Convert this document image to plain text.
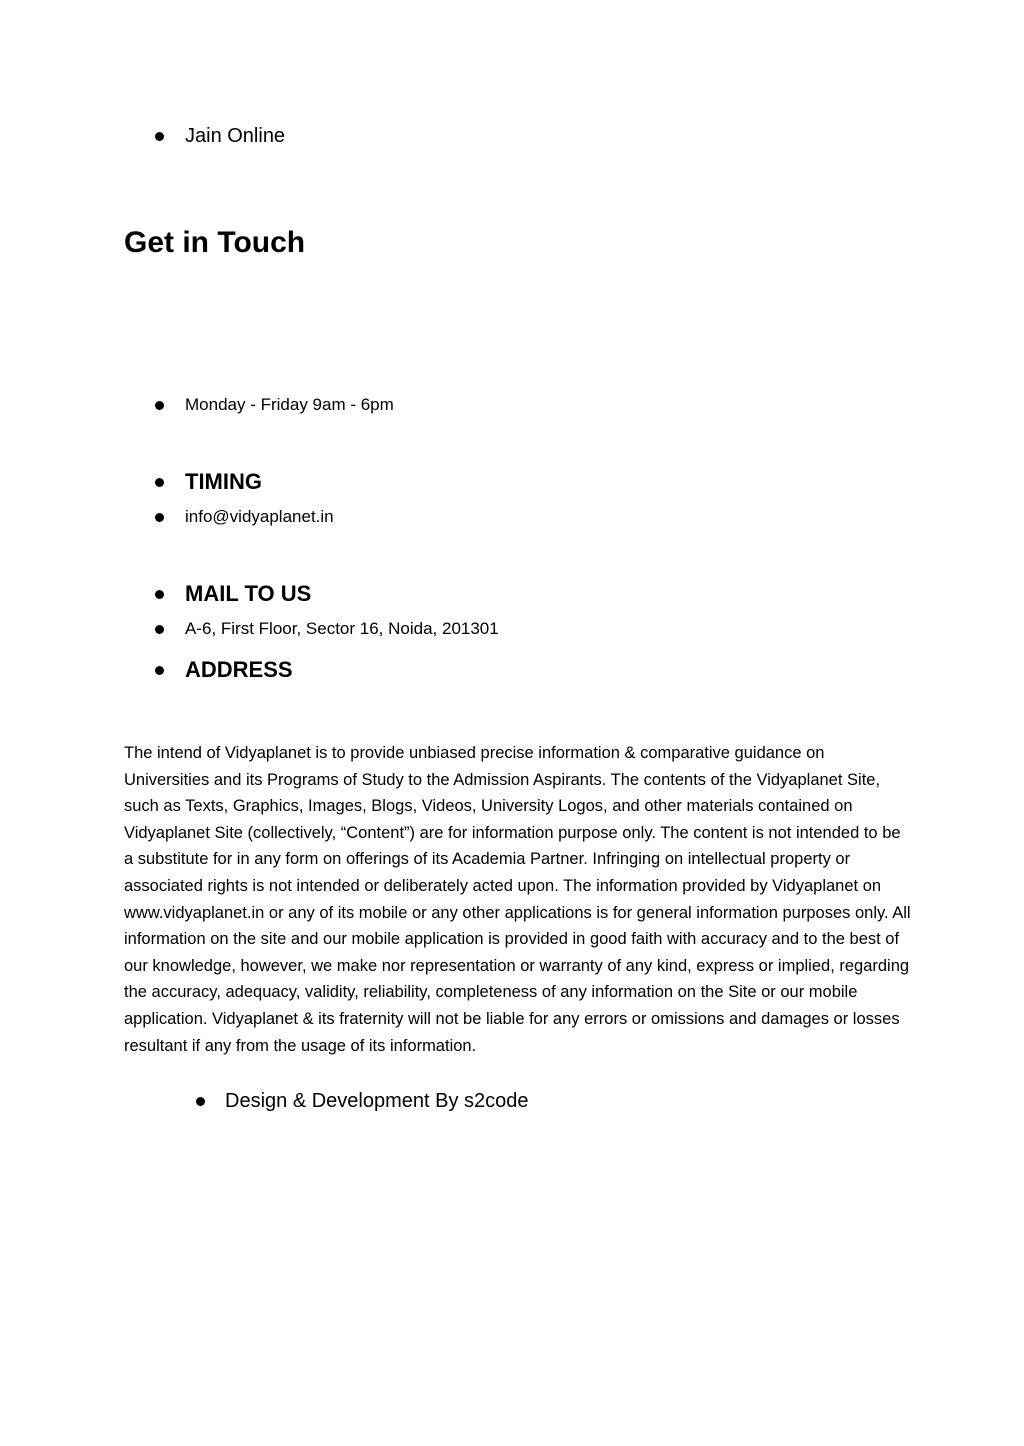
Jain Online
Get in Touch
Monday - Friday 9am - 6pm
TIMING
info@vidyaplanet.in
MAIL TO US
A-6, First Floor, Sector 16, Noida, 201301
ADDRESS

The intend of Vidyaplanet is to provide unbiased precise information & comparative guidance on Universities and its Programs of Study to the Admission Aspirants. The contents of the Vidyaplanet Site, such as Texts, Graphics, Images, Blogs, Videos, University Logos, and other materials contained on Vidyaplanet Site (collectively, “Content”) are for information purpose only. The content is not intended to be a substitute for in any form on offerings of its Academia Partner. Infringing on intellectual property or associated rights is not intended or deliberately acted upon. The information provided by Vidyaplanet on www.vidyaplanet.in or any of its mobile or any other applications is for general information purposes only. All information on the site and our mobile application is provided in good faith with accuracy and to the best of our knowledge, however, we make nor representation or warranty of any kind, express or implied, regarding the accuracy, adequacy, validity, reliability, completeness of any information on the Site or our mobile application. Vidyaplanet & its fraternity will not be liable for any errors or omissions and damages or losses resultant if any from the usage of its information.

Design & Development By s2code
